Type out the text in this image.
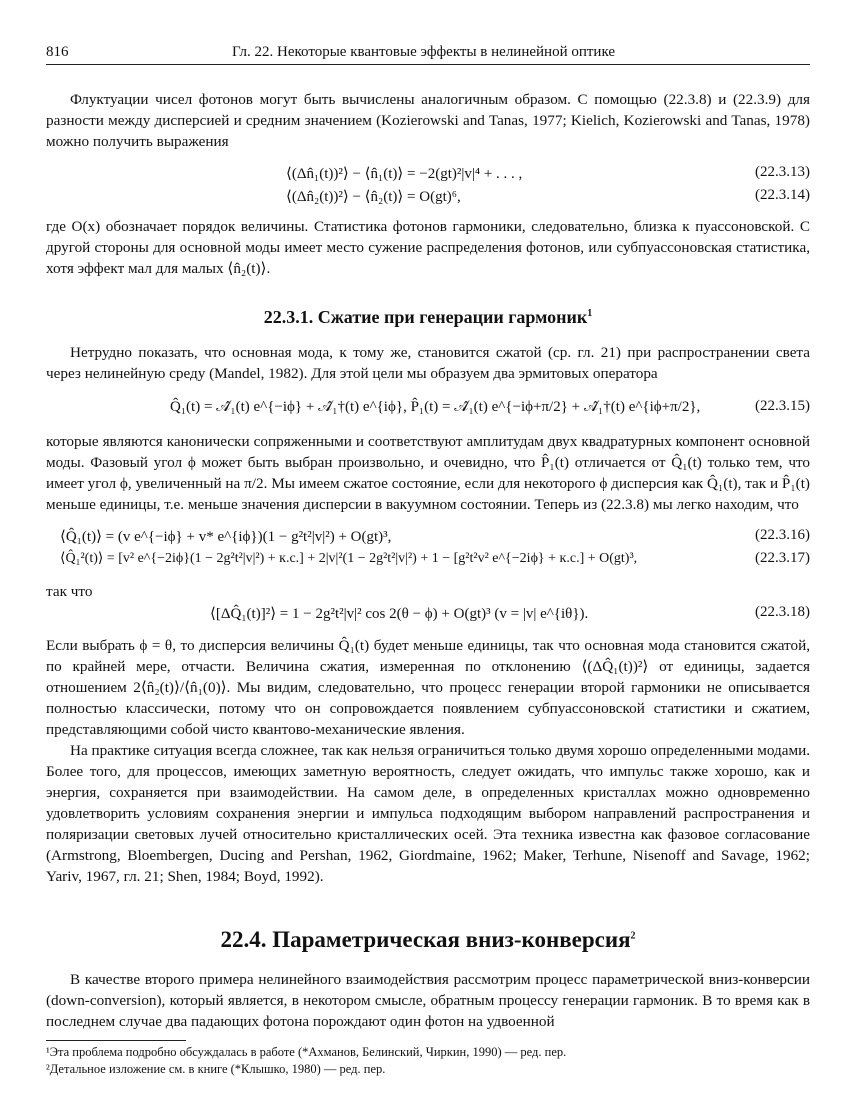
816	Гл. 22. Некоторые квантовые эффекты в нелинейной оптике

Флуктуации чисел фотонов могут быть вычислены аналогичным образом. С помощью (22.3.8) и (22.3.9) для разности между дисперсией и средним значением (Kozierowski and Tanas, 1977; Kielich, Kozierowski and Tanas, 1978) можно получить выражения

⟨(Δn̂₁(t))²⟩ − ⟨n̂₁(t)⟩ = −2(gt)²|v|⁴ + . . . ,	(22.3.13)
⟨(Δn̂₂(t))²⟩ − ⟨n̂₂(t)⟩ = O(gt)⁶,	(22.3.14)

где O(x) обозначает порядок величины. Статистика фотонов гармоники, следовательно, близка к пуассоновской. С другой стороны для основной моды имеет место сужение распределения фотонов, или субпуассоновская статистика, хотя эффект мал для малых ⟨n̂₂(t)⟩.

22.3.1. Сжатие при генерации гармоник$^1$

Нетрудно показать, что основная мода, к тому же, становится сжатой (ср. гл. 21) при распространении света через нелинейную среду (Mandel, 1982). Для этой цели мы образуем два эрмитовых оператора

Q̂₁(t) = 𝒜̂₁(t) e^{−iϕ} + 𝒜̂₁†(t) e^{iϕ}, P̂₁(t) = 𝒜̂₁(t) e^{−iϕ+π/2} + 𝒜̂₁†(t) e^{iϕ+π/2},	(22.3.15)

которые являются канонически сопряженными и соответствуют амплитудам двух квадратурных компонент основной моды. Фазовый угол ϕ может быть выбран произвольно, и очевидно, что P̂₁(t) отличается от Q̂₁(t) только тем, что имеет угол ϕ, увеличенный на π/2. Мы имеем сжатое состояние, если для некоторого ϕ дисперсия как Q̂₁(t), так и P̂₁(t) меньше единицы, т.е. меньше значения дисперсии в вакуумном состоянии. Теперь из (22.3.8) мы легко находим, что

⟨Q̂₁(t)⟩ = (v e^{−iϕ} + v* e^{iϕ})(1 − g²t²|v|²) + O(gt)³,	(22.3.16)
⟨Q̂₁²(t)⟩ = [v² e^{−2iϕ}(1 − 2g²t²|v|²) + к.с.] + 2|v|²(1 − 2g²t²|v|²) + 1 − [g²t²v² e^{−2iϕ} + к.с.] + O(gt)³,	(22.3.17)

так что

⟨[ΔQ̂₁(t)]²⟩ = 1 − 2g²t²|v|² cos 2(θ − ϕ) + O(gt)³ (v = |v| e^{iθ}).	(22.3.18)

Если выбрать ϕ = θ, то дисперсия величины Q̂₁(t) будет меньше единицы, так что основная мода становится сжатой, по крайней мере, отчасти. Величина сжатия, измеренная по отклонению ⟨(ΔQ̂₁(t))²⟩ от единицы, задается отношением 2⟨n̂₂(t)⟩/⟨n̂₁(0)⟩. Мы видим, следовательно, что процесс генерации второй гармоники не описывается полностью классически, потому что он сопровождается появлением субпуассоновской статистики и сжатием, представляющими собой чисто квантово-механические явления.

На практике ситуация всегда сложнее, так как нельзя ограничиться только двумя хорошо определенными модами. Более того, для процессов, имеющих заметную вероятность, следует ожидать, что импульс также хорошо, как и энергия, сохраняется при взаимодействии. На самом деле, в определенных кристаллах можно одновременно удовлетворить условиям сохранения энергии и импульса подходящим выбором направлений распространения и поляризации световых лучей относительно кристаллических осей. Эта техника известна как фазовое согласование (Armstrong, Bloembergen, Ducing and Pershan, 1962, Giordmaine, 1962; Maker, Terhune, Nisenoff and Savage, 1962; Yariv, 1967, гл. 21; Shen, 1984; Boyd, 1992).

22.4. Параметрическая вниз-конверсия$^2$

В качестве второго примера нелинейного взаимодействия рассмотрим процесс параметрической вниз-конверсии (down-conversion), который является, в некотором смысле, обратным процессу генерации гармоник. В то время как в последнем случае два падающих фотона порождают один фотон на удвоенной

¹Эта проблема подробно обсуждалась в работе (*Ахманов, Белинский, Чиркин, 1990) — ред. пер.

²Детальное изложение см. в книге (*Клышко, 1980) — ред. пер.
